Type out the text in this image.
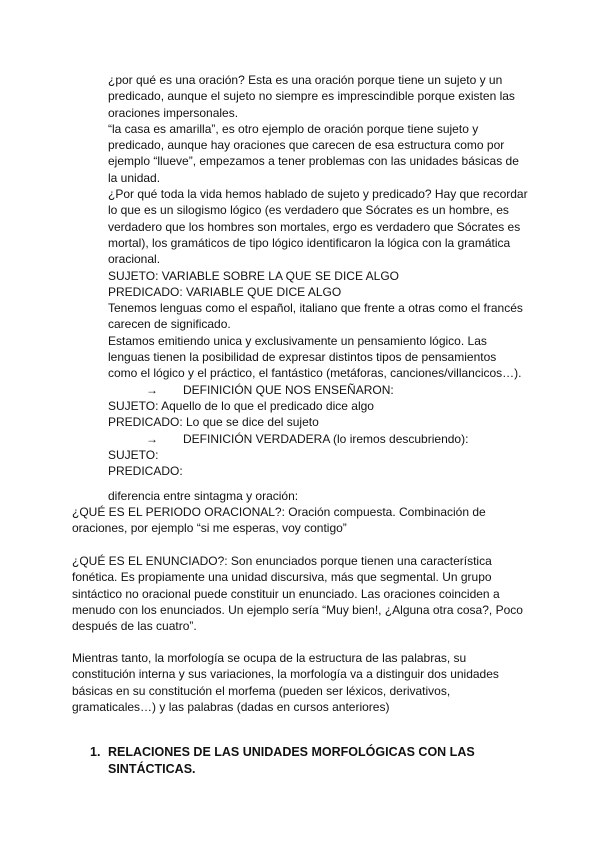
¿por qué es una oración? Esta es una oración porque tiene un sujeto y un predicado, aunque el sujeto no siempre es imprescindible porque existen las oraciones impersonales.

“la casa es amarilla”, es otro ejemplo de oración porque tiene sujeto y predicado, aunque hay oraciones que carecen de esa estructura como por ejemplo “llueve”, empezamos a tener problemas con las unidades básicas de la unidad.

¿Por qué toda la vida hemos hablado de sujeto y predicado? Hay que recordar lo que es un silogismo lógico (es verdadero que Sócrates es un hombre, es verdadero que los hombres son mortales, ergo es verdadero que Sócrates es mortal), los gramáticos de tipo lógico identificaron la lógica con la gramática oracional.

SUJETO: VARIABLE SOBRE LA QUE SE DICE ALGO

PREDICADO: VARIABLE QUE DICE ALGO

Tenemos lenguas como el español, italiano que frente a otras como el francés carecen de significado.

Estamos emitiendo unica y exclusivamente un pensamiento lógico. Las lenguas tienen la posibilidad de expresar distintos tipos de pensamientos como el lógico y el práctico, el fantástico (metáforas, canciones/villancicos…).

→ DEFINICIÓN QUE NOS ENSEÑARON:

SUJETO: Aquello de lo que el predicado dice algo

PREDICADO: Lo que se dice del sujeto

→ DEFINICIÓN VERDADERA (lo iremos descubriendo):

SUJETO:

PREDICADO:

diferencia entre sintagma y oración:

¿QUÉ ES EL PERIODO ORACIONAL?: Oración compuesta. Combinación de oraciones, por ejemplo “si me esperas, voy contigo”

¿QUÉ ES EL ENUNCIADO?: Son enunciados porque tienen una característica fonética. Es propiamente una unidad discursiva, más que segmental. Un grupo sintáctico no oracional puede constituir un enunciado. Las oraciones coinciden a menudo con los enunciados. Un ejemplo sería “Muy bien!, ¿Alguna otra cosa?, Poco después de las cuatro”.

Mientras tanto, la morfología se ocupa de la estructura de las palabras, su constitución interna y sus variaciones, la morfología va a distinguir dos unidades básicas en su constitución el morfema (pueden ser léxicos, derivativos, gramaticales…) y las palabras (dadas en cursos anteriores)

1. RELACIONES DE LAS UNIDADES MORFOLÓGICAS CON LAS SINTÁCTICAS.
